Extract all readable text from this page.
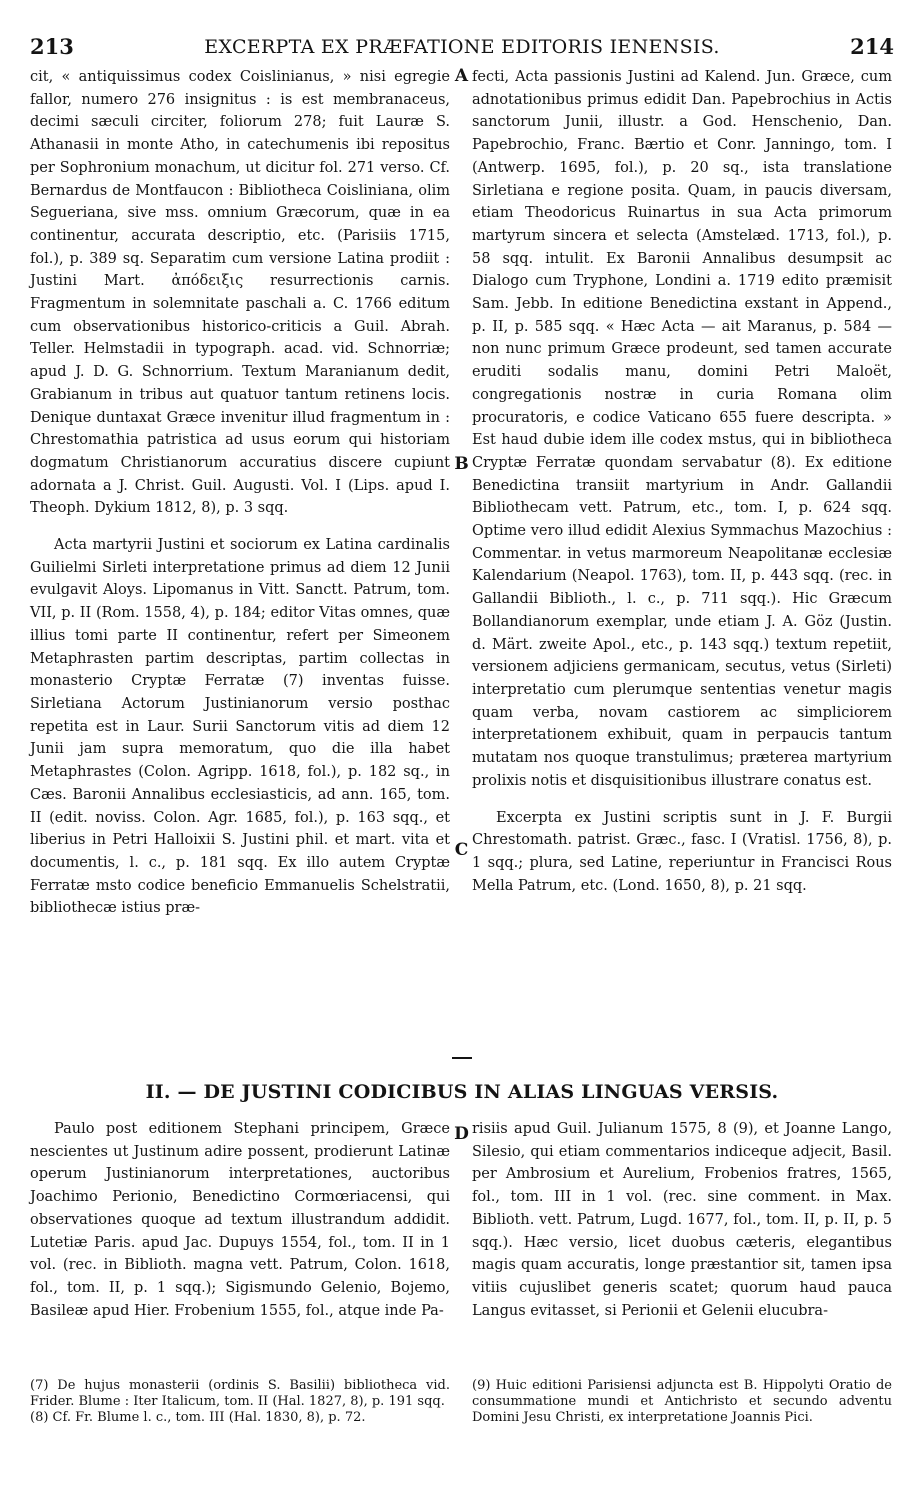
213	EXCERPTA EX PRÆFATIONE EDITORIS IENENSIS.	214

cit, « antiquissimus codex Coislinianus, » nisi egregie fallor, numero 276 insignitus : is est membranaceus, decimi sæculi circiter, foliorum 278; fuit Lauræ S. Athanasii in monte Atho, in catechumenis ibi repositus per Sophronium monachum, ut dicitur fol. 271 verso. Cf. Bernardus de Montfaucon : Bibliotheca Coisliniana, olim Segueriana, sive mss. omnium Græcorum, quæ in ea continentur, accurata descriptio, etc. (Parisiis 1715, fol.), p. 389 sq. Separatim cum versione Latina prodiit : Justini Mart. ἀπόδειξις resurrectionis carnis. Fragmentum in solemnitate paschali a. C. 1766 editum cum observationibus historico-criticis a Guil. Abrah. Teller. Helmstadii in typograph. acad. vid. Schnorriæ; apud J. D. G. Schnorrium. Textum Maranianum dedit, Grabianum in tribus aut quatuor tantum retinens locis. Denique duntaxat Græce invenitur illud fragmentum in : Chrestomathia patristica ad usus eorum qui historiam dogmatum Christianorum accuratius discere cupiunt adornata a J. Christ. Guil. Augusti. Vol. I (Lips. apud I. Theoph. Dykium 1812, 8), p. 3 sqq.

Acta martyrii Justini et sociorum ex Latina cardinalis Guilielmi Sirleti interpretatione primus ad diem 12 Junii evulgavit Aloys. Lipomanus in Vitt. Sanctt. Patrum, tom. VII, p. II (Rom. 1558, 4), p. 184; editor Vitas omnes, quæ illius tomi parte II continentur, refert per Simeonem Metaphrasten partim descriptas, partim collectas in monasterio Cryptæ Ferratæ (7) inventas fuisse. Sirletiana Actorum Justinianorum versio posthac repetita est in Laur. Surii Sanctorum vitis ad diem 12 Junii jam supra memoratum, quo die illa habet Metaphrastes (Colon. Agripp. 1618, fol.), p. 182 sq., in Cæs. Baronii Annalibus ecclesiasticis, ad ann. 165, tom. II (edit. noviss. Colon. Agr. 1685, fol.), p. 163 sqq., et liberius in Petri Halloixii S. Justini phil. et mart. vita et documentis, l. c., p. 181 sqq. Ex illo autem Cryptæ Ferratæ msto codice beneficio Emmanuelis Schelstratii, bibliothecæ istius præ-

fecti, Acta passionis Justini ad Kalend. Jun. Græce, cum adnotationibus primus edidit Dan. Papebrochius in Actis sanctorum Junii, illustr. a God. Henschenio, Dan. Papebrochio, Franc. Bærtio et Conr. Janningo, tom. I (Antwerp. 1695, fol.), p. 20 sq., ista translatione Sirletiana e regione posita. Quam, in paucis diversam, etiam Theodoricus Ruinartus in sua Acta primorum martyrum sincera et selecta (Amstelæd. 1713, fol.), p. 58 sqq. intulit. Ex Baronii Annalibus desumpsit ac Dialogo cum Tryphone, Londini a. 1719 edito præmisit Sam. Jebb. In editione Benedictina exstant in Append., p. II, p. 585 sqq. « Hæc Acta — ait Maranus, p. 584 — non nunc primum Græce prodeunt, sed tamen accurate eruditi sodalis manu, domini Petri Maloët, congregationis nostræ in curia Romana olim procuratoris, e codice Vaticano 655 fuere descripta. » Est haud dubie idem ille codex mstus, qui in bibliotheca Cryptæ Ferratæ quondam servabatur (8). Ex editione Benedictina transiit martyrium in Andr. Gallandii Bibliothecam vett. Patrum, etc., tom. I, p. 624 sqq. Optime vero illud edidit Alexius Symmachus Mazochius : Commentar. in vetus marmoreum Neapolitanæ ecclesiæ Kalendarium (Neapol. 1763), tom. II, p. 443 sqq. (rec. in Gallandii Biblioth., l. c., p. 711 sqq.). Hic Græcum Bollandianorum exemplar, unde etiam J. A. Göz (Justin. d. Märt. zweite Apol., etc., p. 143 sqq.) textum repetiit, versionem adjiciens germanicam, secutus, vetus (Sirleti) interpretatio cum plerumque sententias venetur magis quam verba, novam castiorem ac simpliciorem interpretationem exhibuit, quam in perpaucis tantum mutatam nos quoque transtulimus; præterea martyrium prolixis notis et disquisitionibus illustrare conatus est.

Excerpta ex Justini scriptis sunt in J. F. Burgii Chrestomath. patrist. Græc., fasc. I (Vratisl. 1756, 8), p. 1 sqq.; plura, sed Latine, reperiuntur in Francisci Rous Mella Patrum, etc. (Lond. 1650, 8), p. 21 sqq.

A
B
C
D
II. — DE JUSTINI CODICIBUS IN ALIAS LINGUAS VERSIS.

Paulo post editionem Stephani principem, Græce nescientes ut Justinum adire possent, prodierunt Latinæ operum Justinianorum interpretationes, auctoribus Joachimo Perionio, Benedictino Cormœriacensi, qui observationes quoque ad textum illustrandum addidit. Lutetiæ Paris. apud Jac. Dupuys 1554, fol., tom. II in 1 vol. (rec. in Biblioth. magna vett. Patrum, Colon. 1618, fol., tom. II, p. 1 sqq.); Sigismundo Gelenio, Bojemo, Basileæ apud Hier. Frobenium 1555, fol., atque inde Pa-

risiis apud Guil. Julianum 1575, 8 (9), et Joanne Lango, Silesio, qui etiam commentarios indiceque adjecit, Basil. per Ambrosium et Aurelium, Frobenios fratres, 1565, fol., tom. III in 1 vol. (rec. sine comment. in Max. Biblioth. vett. Patrum, Lugd. 1677, fol., tom. II, p. II, p. 5 sqq.). Hæc versio, licet duobus cæteris, elegantibus magis quam accuratis, longe præstantior sit, tamen ipsa vitiis cujuslibet generis scatet; quorum haud pauca Langus evitasset, si Perionii et Gelenii elucubra-

(7) De hujus monasterii (ordinis S. Basilii) bibliotheca vid. Frider. Blume : Iter Italicum, tom. II (Hal. 1827, 8), p. 191 sqq.

(8) Cf. Fr. Blume l. c., tom. III (Hal. 1830, 8), p. 72.

(9) Huic editioni Parisiensi adjuncta est B. Hippolyti Oratio de consummatione mundi et Antichristo et secundo adventu Domini Jesu Christi, ex interpretatione Joannis Pici.
